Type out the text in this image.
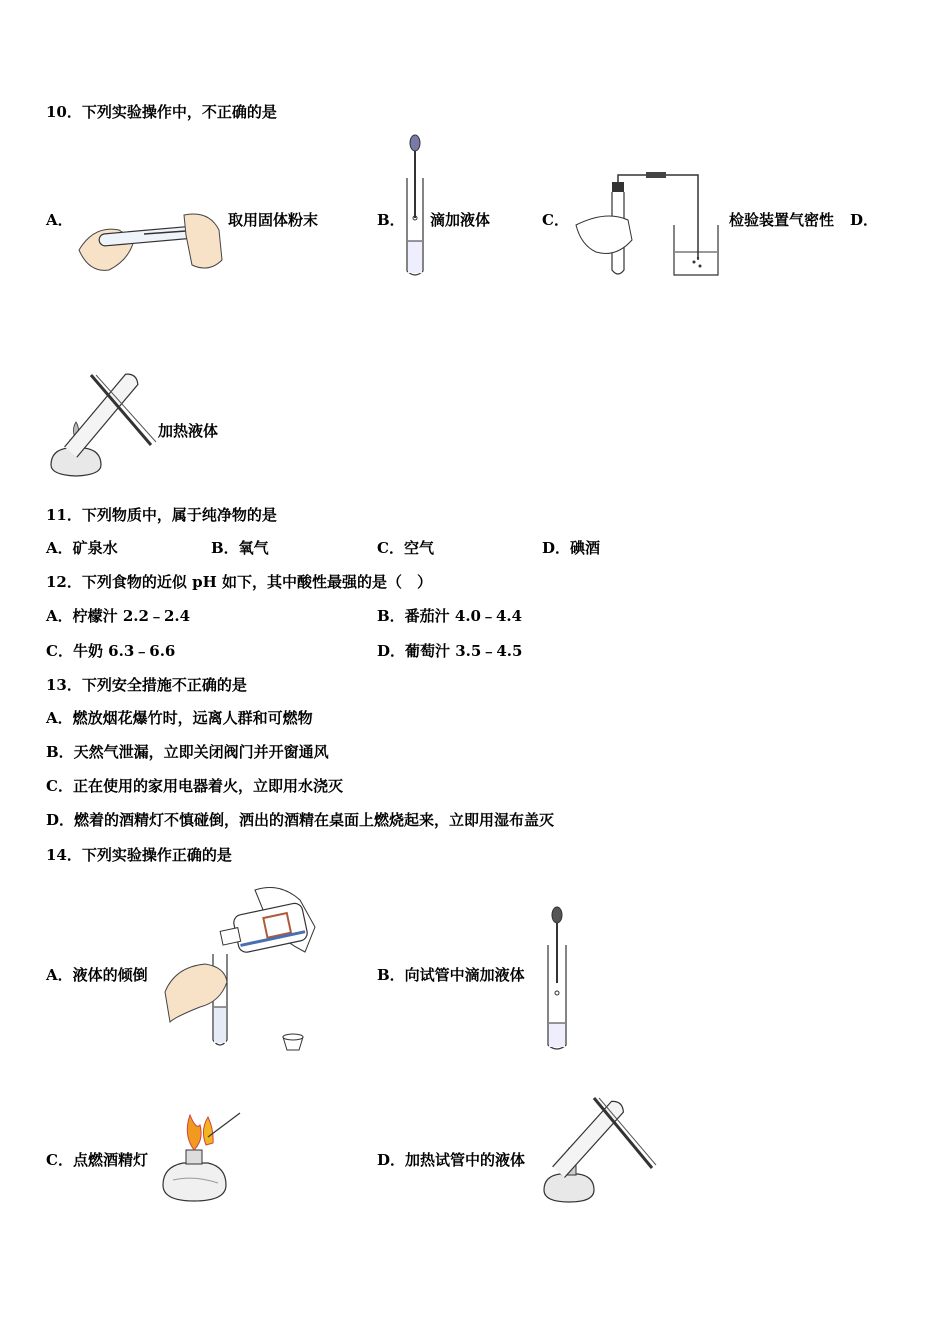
10．下列实验操作中，不正确的是
A．	取用固体粉末	B． 滴加液体	C．	检验装置气密性 D．
加热液体
11．下列物质中，属于纯净物的是
A．矿泉水	B．氧气	C．空气	D．碘酒
12．下列食物的近似 pH 如下，其中酸性最强的是（　）
A．柠檬汁 2.2﹣2.4	B．番茄汁 4.0﹣4.4
C．牛奶 6.3﹣6.6	D．葡萄汁 3.5﹣4.5
13．下列安全措施不正确的是
A．燃放烟花爆竹时，远离人群和可燃物
B．天然气泄漏，立即关闭阀门并开窗通风
C．正在使用的家用电器着火，立即用水浇灭
D．燃着的酒精灯不慎碰倒，洒出的酒精在桌面上燃烧起来，立即用湿布盖灭
14．下列实验操作正确的是
A．液体的倾倒	B．向试管中滴加液体
C．点燃酒精灯	D．加热试管中的液体
